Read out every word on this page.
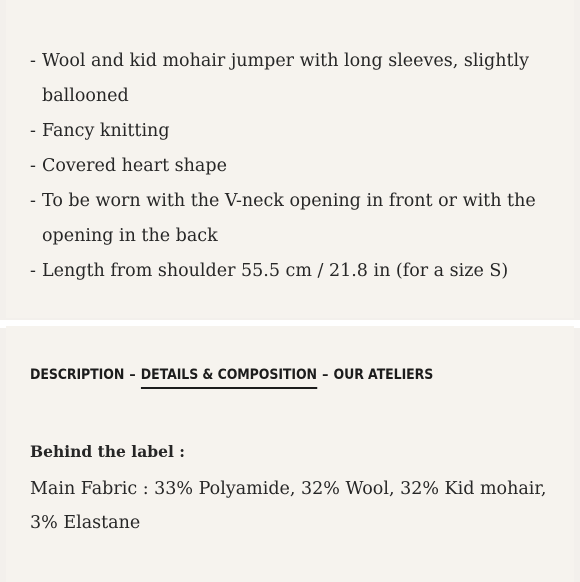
- Wool and kid mohair jumper with long sleeves, slightly ballooned
- Fancy knitting
- Covered heart shape
- To be worn with the V-neck opening in front or with the opening in the back
- Length from shoulder 55.5 cm / 21.8 in (for a size S)
DESCRIPTION – DETAILS & COMPOSITION – OUR ATELIERS
Behind the label :
Main Fabric : 33% Polyamide, 32% Wool, 32% Kid mohair, 3% Elastane
